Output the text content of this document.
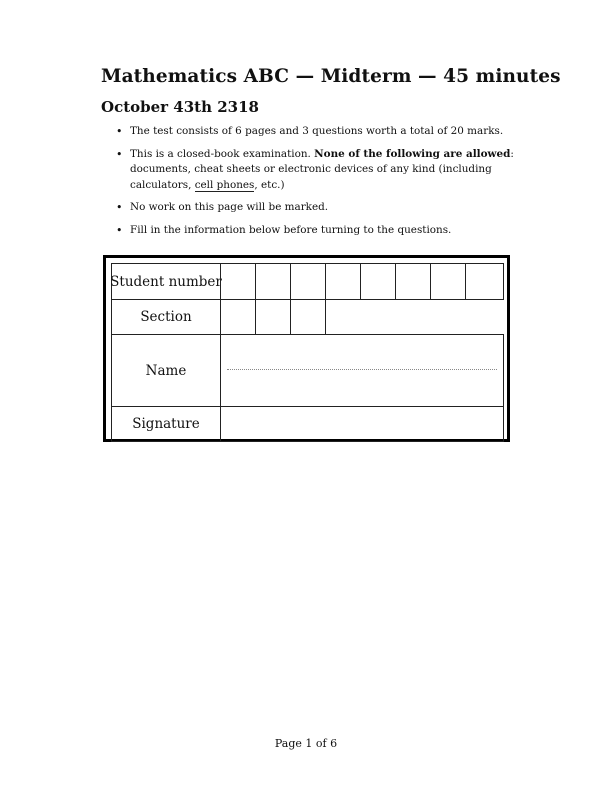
Mathematics ABC — Midterm — 45 minutes
October 43th 2318
• The test consists of 6 pages and 3 questions worth a total of 20 marks.
• This is a closed-book examination. None of the following are allowed: documents, cheat sheets or electronic devices of any kind (including calculators, cell phones, etc.)
• No work on this page will be marked.
• Fill in the information below before turning to the questions.
Student number
Section
Name
Signature
Page 1 of 6
